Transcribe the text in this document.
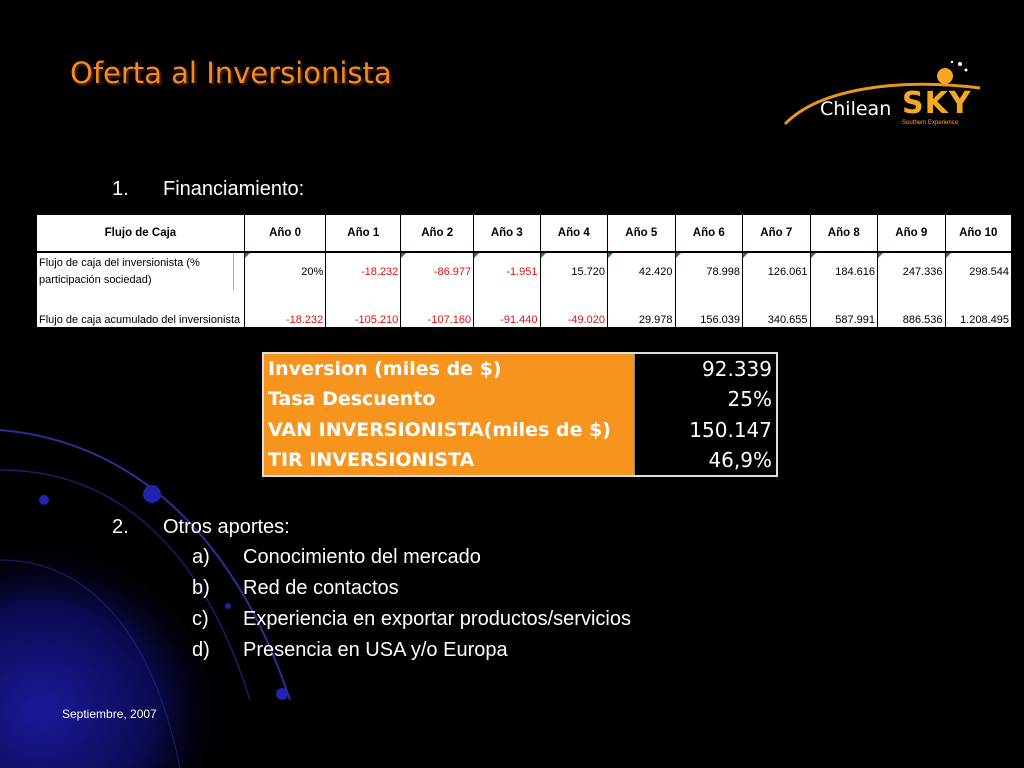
Oferta al Inversionista
Chilean SKY
Southern Experience
1. Financiamiento:
Flujo de Caja	Año 0	Año 1	Año 2	Año 3	Año 4	Año 5	Año 6	Año 7	Año 8	Año 9	Año 10

Flujo de caja del inversionista (% participación sociedad)	20%	-18.232	-86.977	-1.951	15.720	42.420	78.998	126.061	184.616	247.336	298.544
Flujo de caja acumulado del inversionista	-18.232	-105.210	-107.160	-91.440	-49.020	29.978	156.039	340.655	587.991	886.536	1.208.495
Inversion (miles de $)	92.339
Tasa Descuento	25%
VAN INVERSIONISTA(miles de $)	150.147
TIR INVERSIONISTA	46,9%
2. Otros aportes:
a) Conocimiento del mercado
b) Red de contactos
c) Experiencia en exportar productos/servicios
d) Presencia en USA y/o Europa
Septiembre, 2007
